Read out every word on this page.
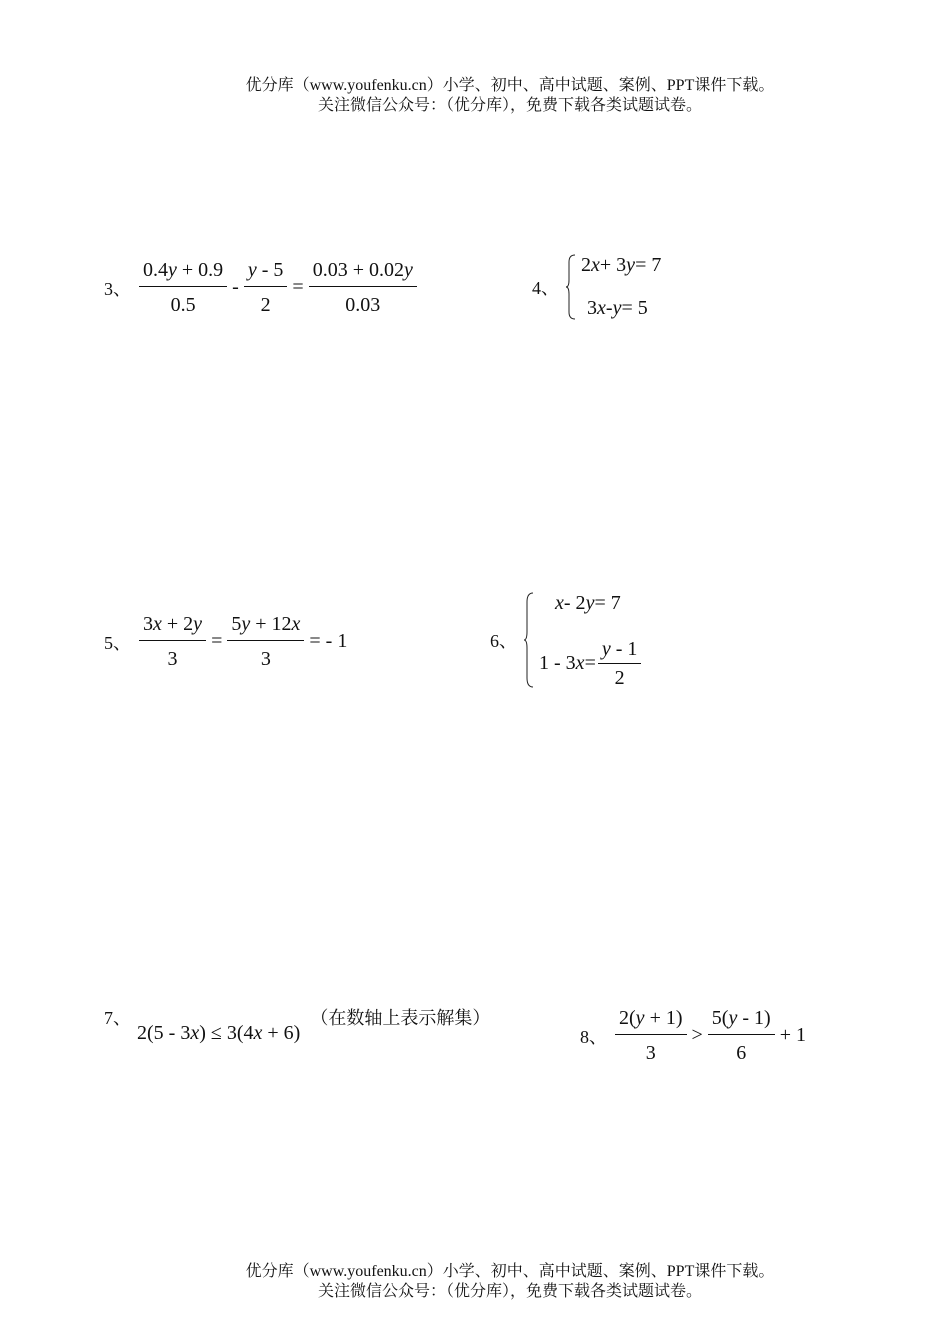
优分库（www.youfenku.cn）小学、初中、高中试题、案例、PPT课件下载。
关注微信公众号：（优分库），免费下载各类试题试卷。
3、 $\frac{0.4y + 0.9}{0.5} - \frac{y - 5}{2} = \frac{0.03 + 0.02y}{0.03}$	4、
2 x + 3 y = 7
3 x - y = 5
5、 $\frac{3x + 2y}{3} = \frac{5y + 12x}{3}$ = - 1	6、
x - 2 y = 7
1 - 3 $x = \frac{y - 1}{2}$
7、
2(5 - 3x) ≤ 3(4x + 6)
（在数轴上表示解集）
8、 $\frac{2(y + 1)}{3} > \frac{5(y - 1)}{6} + 1$
优分库（www.youfenku.cn）小学、初中、高中试题、案例、PPT课件下载。
关注微信公众号：（优分库），免费下载各类试题试卷。
